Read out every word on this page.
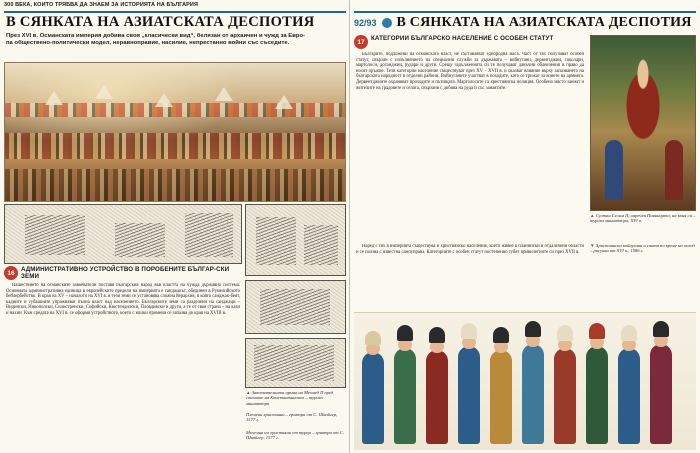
300 ВЕКА, КОИТО ТРЯБВА ДА ЗНАЕМ ЗА ИСТОРИЯТА НА БЪЛГАРИЯ
В СЯНКАТА НА АЗИАТСКАТА ДЕСПОТИЯ
През XVI в. Османската империя добива своя „класически вид“, белязан от архаичен и чужд за Евро-
па обществено-политически модел, неравноправие, насилие, непрестанно войни със съседите.
16	АДМИНИСТРАТИВНО УСТРОЙСТВО В ПОРОБЕНИТЕ БЪЛГАР-СКИ ЗЕМИ

Нашествието на османските завоеватели поставя българския народ във властта на чужда държавна система. Основната административна единица в европейските предели на империята е санджакът, обединен в Румелийското бейлербейство. В края на XV – началото на XVI в. в тези земи се установява сложна йерархия, в която санджак-беят, кадиите и субашиите упражняват пълна власт над населението. Българските земи са разделени на санджаци – Видински, Никополски, Силистренски, Софийски, Кюстендилски, Пловдивски и други, а те от своя страна – на кази и нахии. Към средата на XVI в. се оформя устройството, което с малки промени се запазва до края на XVIII в.

▲ Завоевателната армия на Мехмед II пред стените на Константинопол – турска миниатюра
Пленени християни – гравюра от С. Швайгер, 1577 г.
Мъчения на християни от турци – гравюра от С. Швайгер, 1577 г.
92/93 В СЯНКАТА НА АЗИАТСКАТА ДЕСПОТИЯ
17	КАТЕГОРИИ БЪЛГАРСКО НАСЕЛЕНИЕ С ОСОБЕН СТАТУТ

Българите, подложени на османската власт, не съставляват еднородна маса. Част от тях получават особен статут, свързан с изпълнението на специални служби за държавата – войнугани, дервентджии, соколари, мартолоси, доганджии, рудари и други. Срещу задълженията си те получават данъчни облекчения и право да носят оръжие. Тези категории население съществуват през XV – XVII в. и оказват влияние върху запазването на българската народност в отделни райони. Войнуганите участват в походите, като се грижат за конете на армията. Дервентджиите охраняват проходите и пътищата. Мартолосите са християнска полиция. Особено място заемат и жителите на градовете и селата, свързани с добива на руда и със занаятите.

Наред с тях в империята съществува и християнско население, което живее в планински и отдалечени области и се ползва с известна самоуправа. Категориите с особен статут постепенно губят привилегиите си през XVII в.

▲ Султан Селим II, наречен Пияницата, на коня си – турска миниатюра, XVI в.
▼ Християнски войнугани и свита по време на поход – рисунка от XVI в., 1586 г.
